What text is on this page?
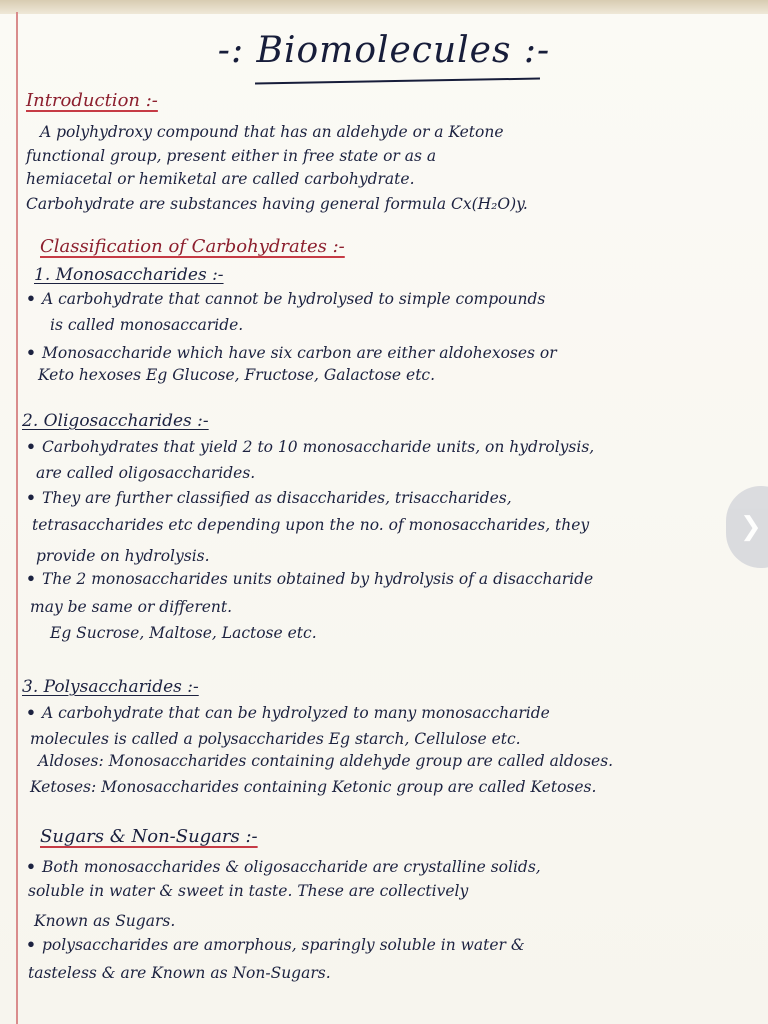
-: Biomolecules :-
Introduction :-
A polyhydroxy compound that has an aldehyde or a Ketone
functional group, present either in free state or as a
hemiacetal or hemiketal are called carbohydrate.
Carbohydrate are substances having general formula Cx(H₂O)y.
Classification of Carbohydrates :-
1. Monosaccharides :-
• A carbohydrate that cannot be hydrolysed to simple compounds
is called monosaccaride.
• Monosaccharide which have six carbon are either aldohexoses or
Keto hexoses Eg Glucose, Fructose, Galactose etc.
2. Oligosaccharides :-
• Carbohydrates that yield 2 to 10 monosaccharide units, on hydrolysis,
are called oligosaccharides.
• They are further classified as disaccharides, trisaccharides,
tetrasaccharides etc depending upon the no. of monosaccharides, they
provide on hydrolysis.
• The 2 monosaccharides units obtained by hydrolysis of a disaccharide
may be same or different.
Eg Sucrose, Maltose, Lactose etc.
3. Polysaccharides :-
• A carbohydrate that can be hydrolyzed to many monosaccharide
molecules is called a polysaccharides Eg starch, Cellulose etc.
Aldoses: Monosaccharides containing aldehyde group are called aldoses.
Ketoses: Monosaccharides containing Ketonic group are called Ketoses.
Sugars & Non-Sugars :-
• Both monosaccharides & oligosaccharide are crystalline solids,
soluble in water & sweet in taste. These are collectively
Known as Sugars.
• polysaccharides are amorphous, sparingly soluble in water &
tasteless & are Known as Non-Sugars.
❯
